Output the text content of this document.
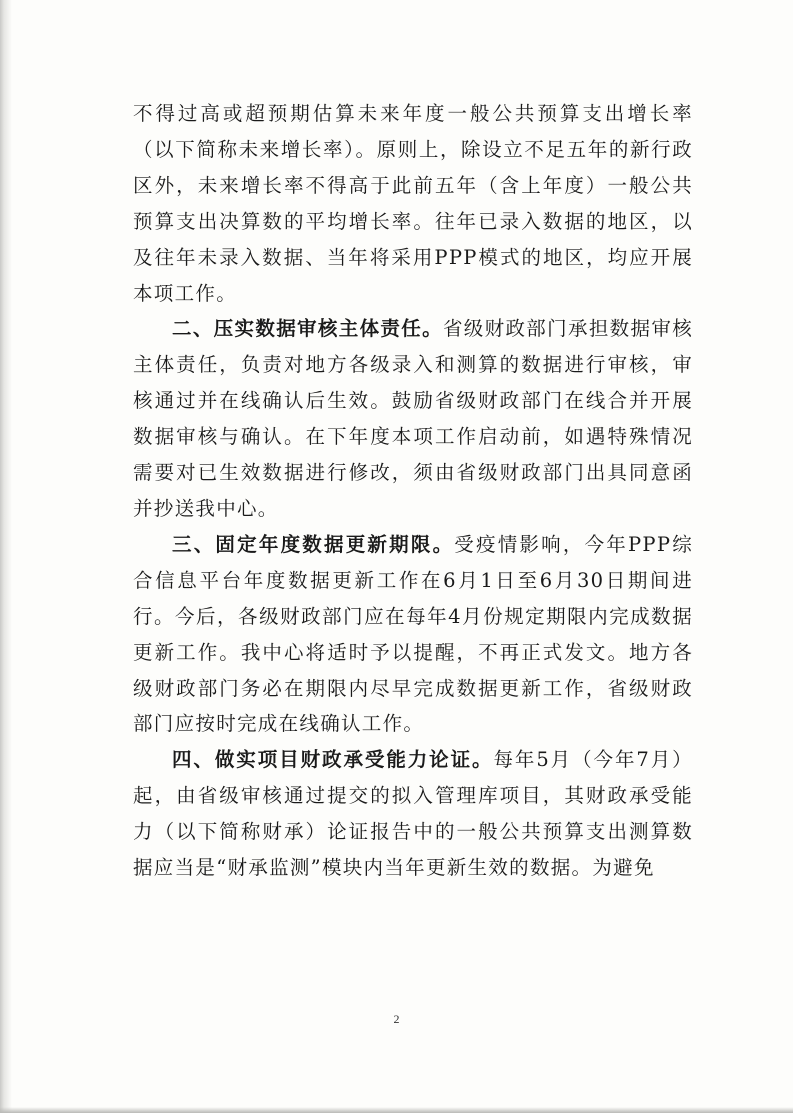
不得过高或超预期估算未来年度一般公共预算支出增长率（以下简称未来增长率）。原则上，除设立不足五年的新行政区外，未来增长率不得高于此前五年（含上年度）一般公共预算支出决算数的平均增长率。往年已录入数据的地区，以及往年未录入数据、当年将采用PPP模式的地区，均应开展本项工作。

二、压实数据审核主体责任。省级财政部门承担数据审核主体责任，负责对地方各级录入和测算的数据进行审核，审核通过并在线确认后生效。鼓励省级财政部门在线合并开展数据审核与确认。在下年度本项工作启动前，如遇特殊情况需要对已生效数据进行修改，须由省级财政部门出具同意函并抄送我中心。

三、固定年度数据更新期限。受疫情影响，今年PPP综合信息平台年度数据更新工作在6月1日至6月30日期间进行。今后，各级财政部门应在每年4月份规定期限内完成数据更新工作。我中心将适时予以提醒，不再正式发文。地方各级财政部门务必在期限内尽早完成数据更新工作，省级财政部门应按时完成在线确认工作。

四、做实项目财政承受能力论证。每年5月（今年7月）起，由省级审核通过提交的拟入管理库项目，其财政承受能力（以下简称财承）论证报告中的一般公共预算支出测算数据应当是“财承监测”模块内当年更新生效的数据。为避免

2
